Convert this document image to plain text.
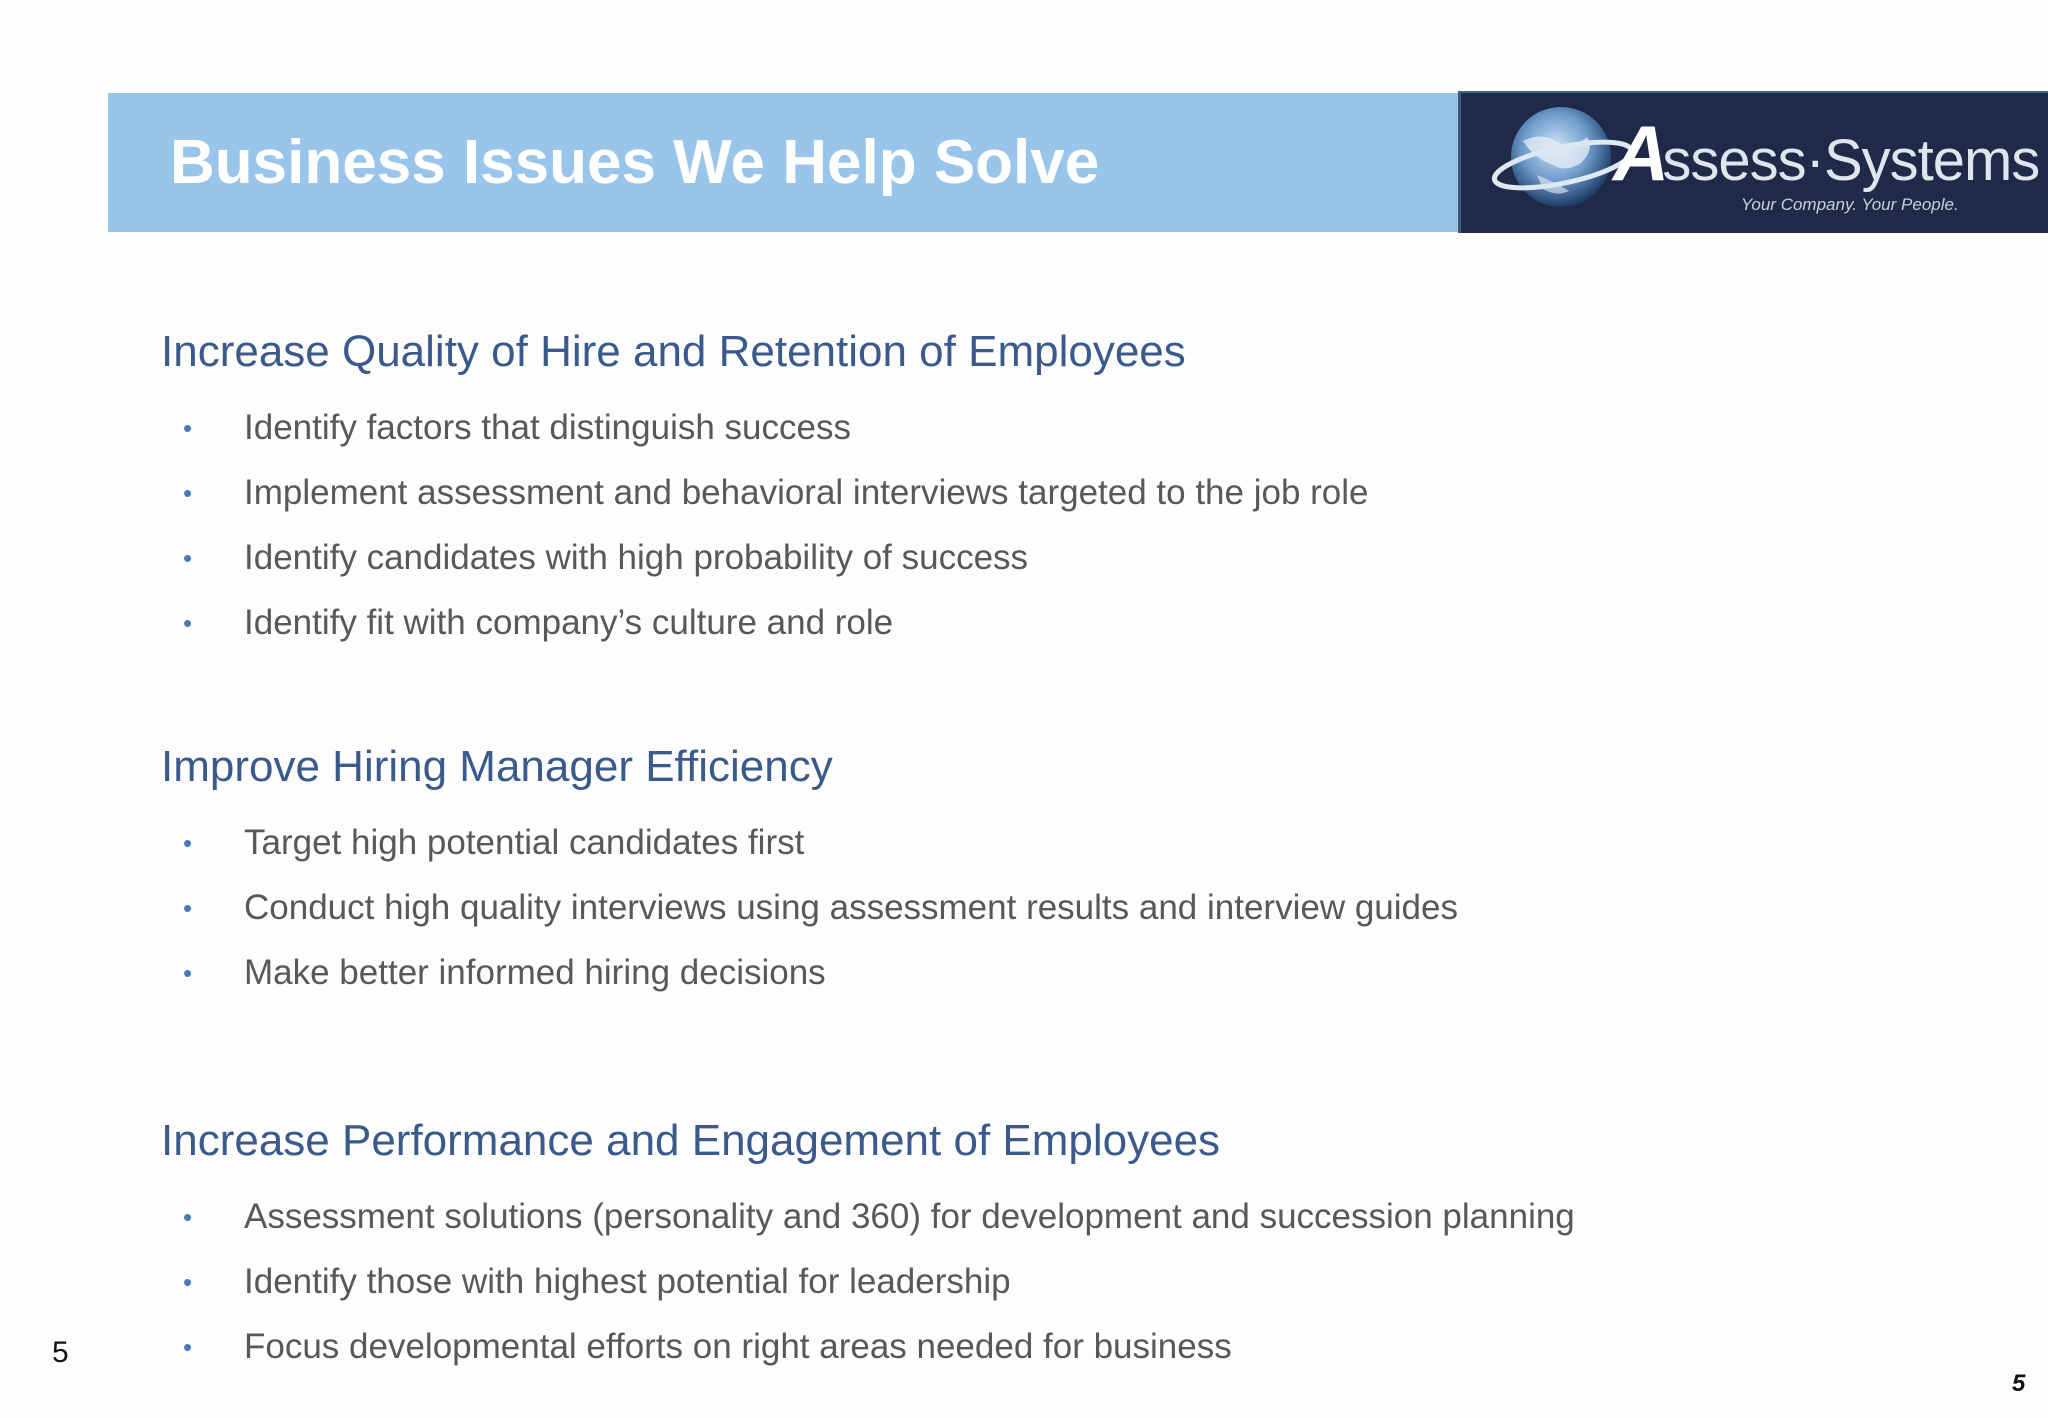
Business Issues We Help Solve	Assess·Systems
Your Company. Your People.
Increase Quality of Hire and Retention of Employees
• Identify factors that distinguish success
• Implement assessment and behavioral interviews targeted to the job role
• Identify candidates with high probability of success
• Identify fit with company’s culture and role
Improve Hiring Manager Efficiency
• Target high potential candidates first
• Conduct high quality interviews using assessment results and interview guides
• Make better informed hiring decisions
Increase Performance and Engagement of Employees
• Assessment solutions (personality and 360) for development and succession planning
• Identify those with highest potential for leadership
• Focus developmental efforts on right areas needed for business
5
5
